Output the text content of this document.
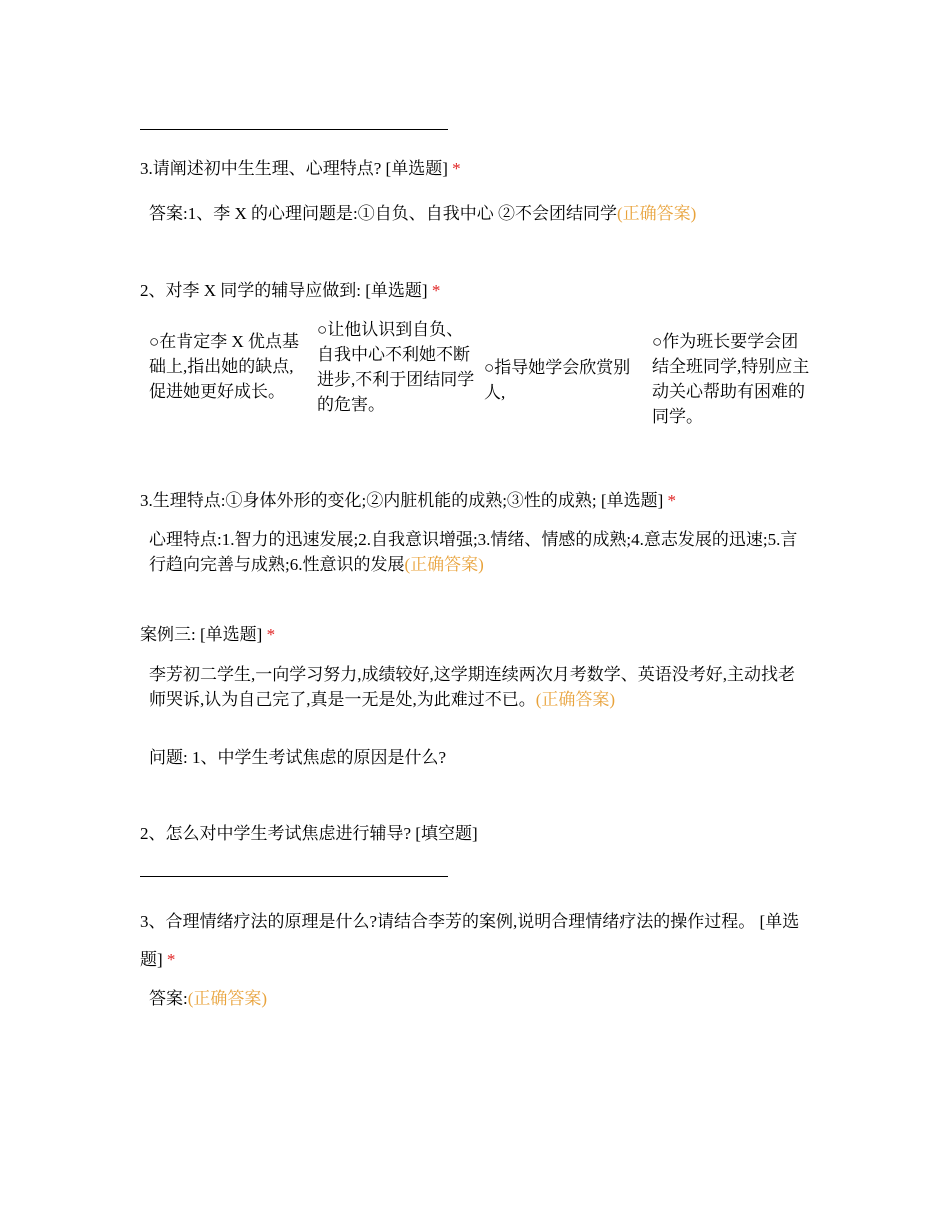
3.请阐述初中生生理、心理特点? [单选题] *
答案:1、李 X 的心理问题是:①自负、自我中心 ②不会团结同学(正确答案)
2、对李 X 同学的辅导应做到: [单选题] *
○在肯定李 X 优点基础上,指出她的缺点,促进她更好成长。
○让他认识到自负、自我中心不利她不断进步,不利于团结同学的危害。
○指导她学会欣赏别人,
○作为班长要学会团结全班同学,特别应主动关心帮助有困难的同学。
3.生理特点:①身体外形的变化;②内脏机能的成熟;③性的成熟; [单选题] *
心理特点:1.智力的迅速发展;2.自我意识增强;3.情绪、情感的成熟;4.意志发展的迅速;5.言行趋向完善与成熟;6.性意识的发展(正确答案)
案例三: [单选题] *
李芳初二学生,一向学习努力,成绩较好,这学期连续两次月考数学、英语没考好,主动找老师哭诉,认为自己完了,真是一无是处,为此难过不已。(正确答案)
问题: 1、中学生考试焦虑的原因是什么?
2、怎么对中学生考试焦虑进行辅导? [填空题]
3、合理情绪疗法的原理是什么?请结合李芳的案例,说明合理情绪疗法的操作过程。 [单选题] *
答案:(正确答案)
